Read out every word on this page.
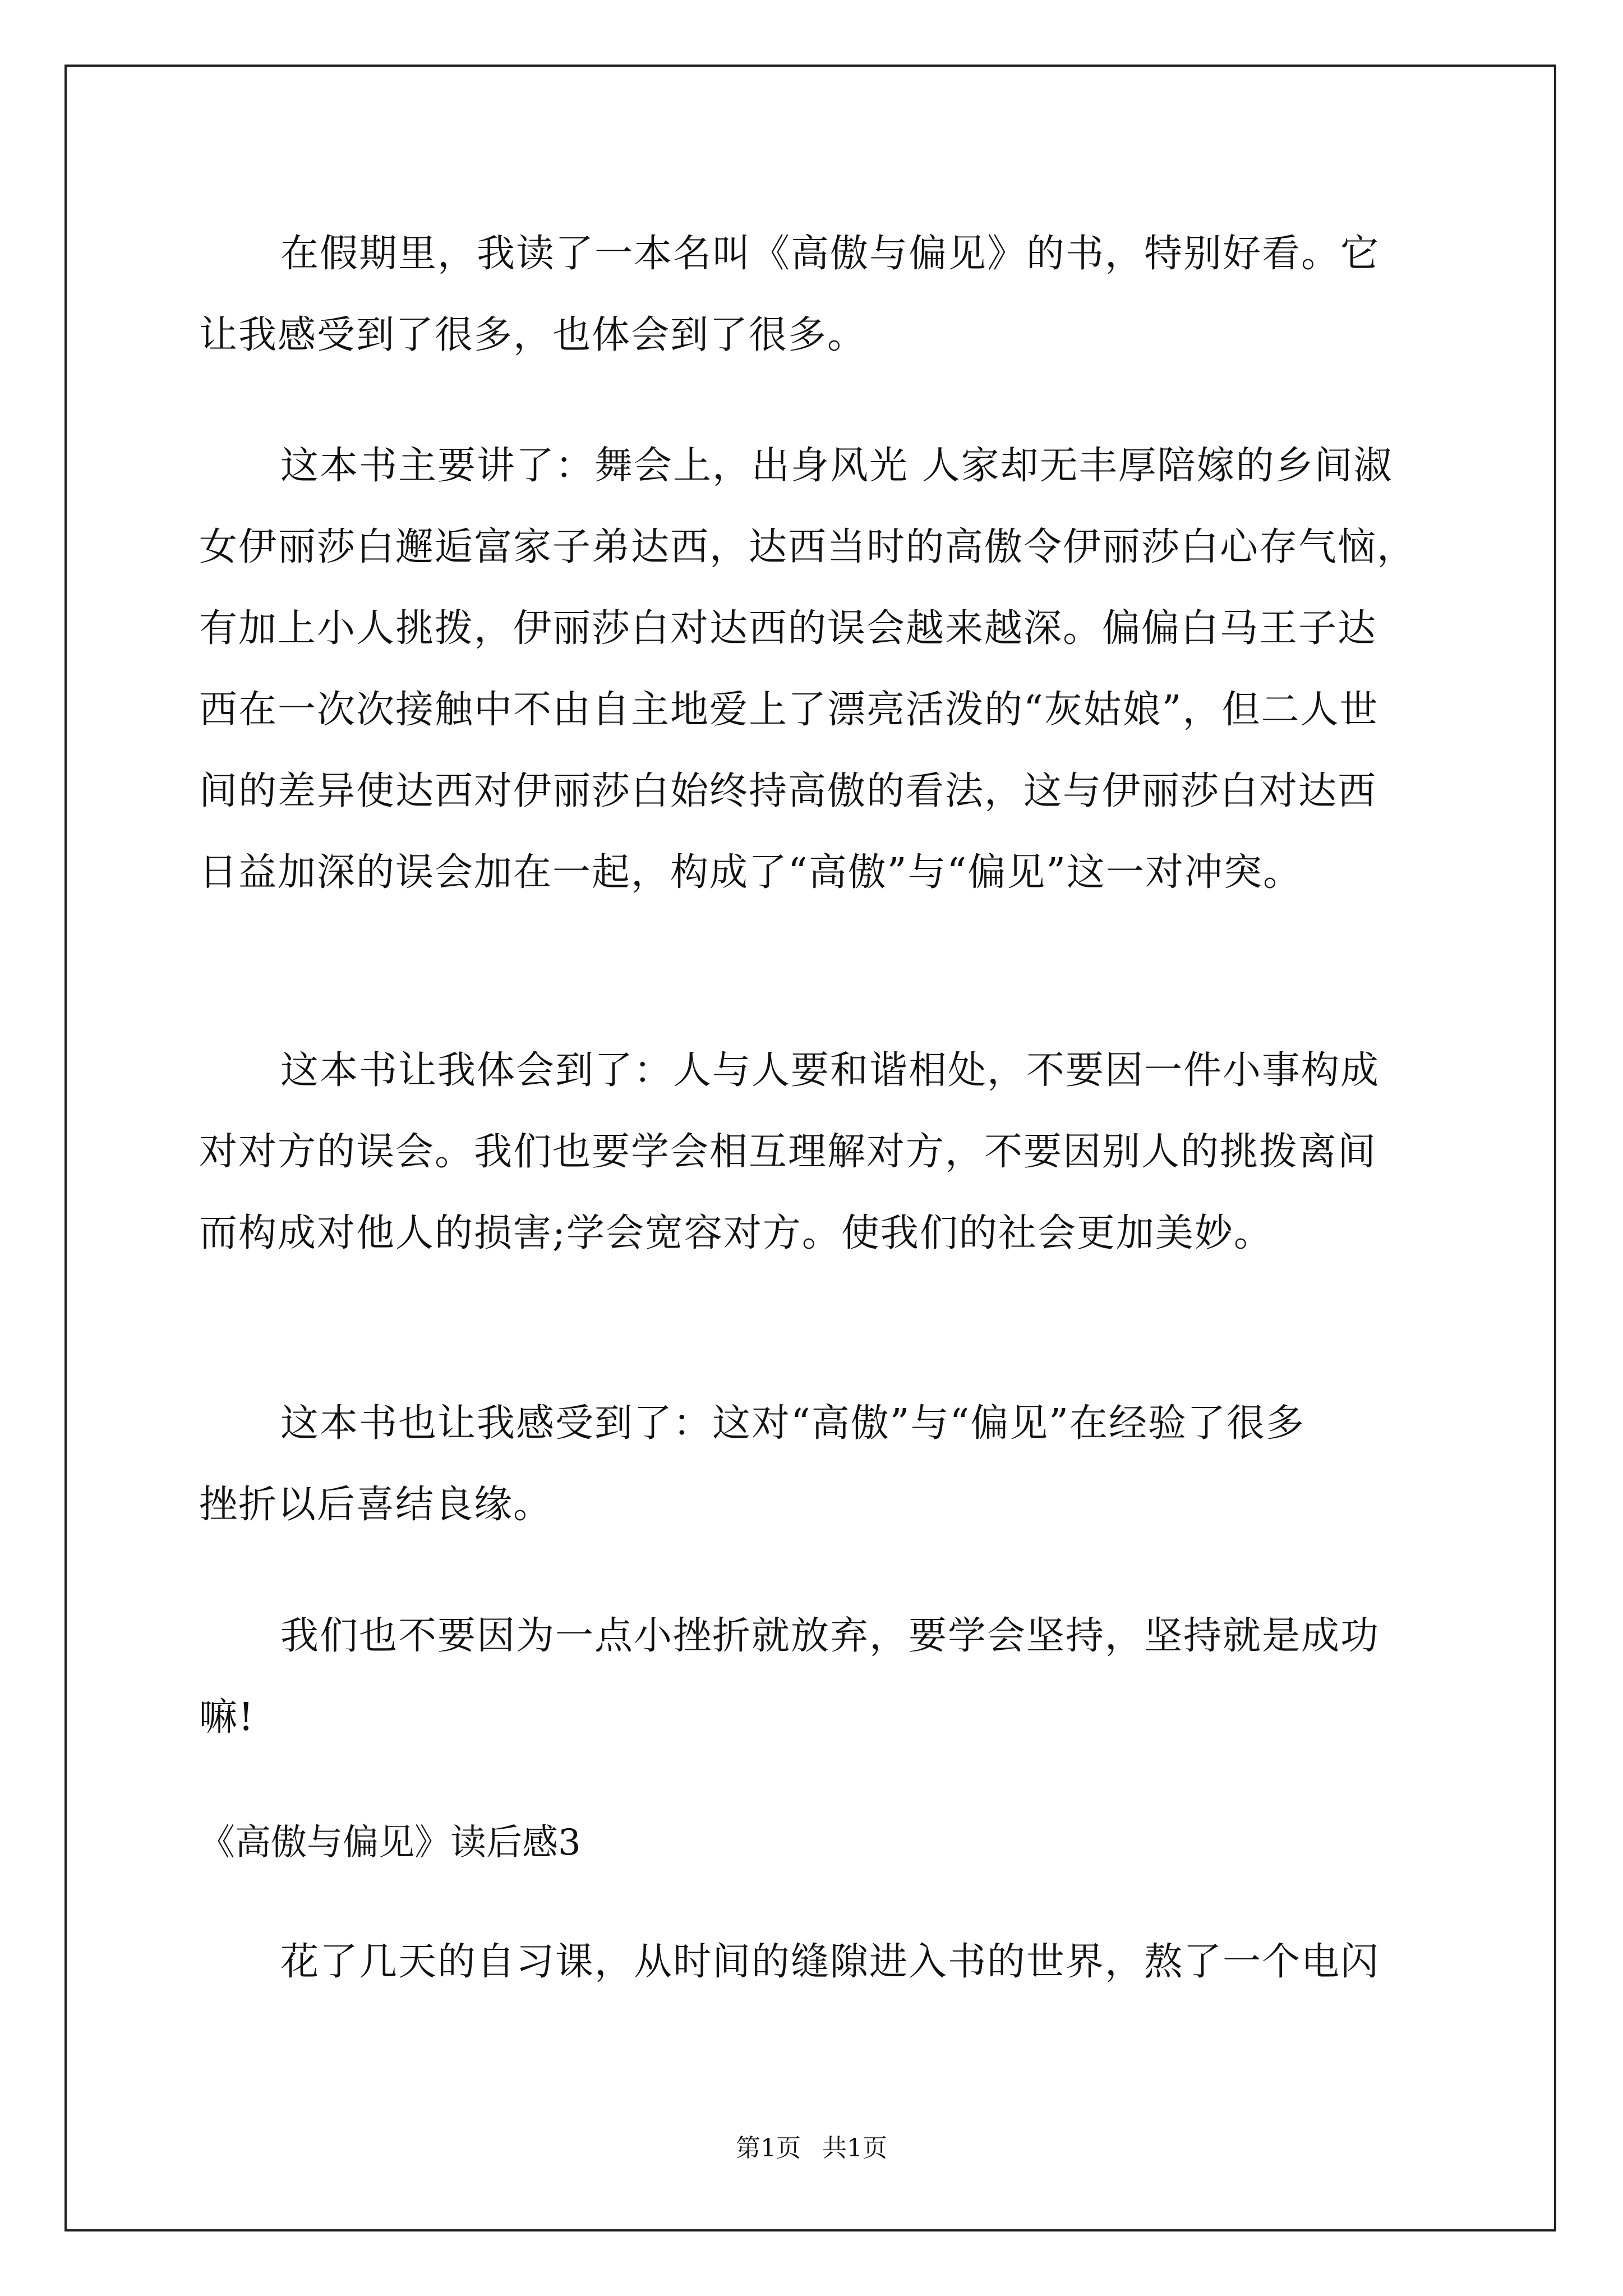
在假期里，我读了一本名叫《高傲与偏见》的书，特别好看。它

让我感受到了很多，也体会到了很多。

这本书主要讲了：舞会上，出身风光 人家却无丰厚陪嫁的乡间淑

女伊丽莎白邂逅富家子弟达西，达西当时的高傲令伊丽莎白心存气恼，

有加上小人挑拨，伊丽莎白对达西的误会越来越深。偏偏白马王子达

西在一次次接触中不由自主地爱上了漂亮活泼的“灰姑娘”，但二人世

间的差异使达西对伊丽莎白始终持高傲的看法，这与伊丽莎白对达西

日益加深的误会加在一起，构成了“高傲”与“偏见”这一对冲突。

这本书让我体会到了：人与人要和谐相处，不要因一件小事构成

对对方的误会。我们也要学会相互理解对方，不要因别人的挑拨离间

而构成对他人的损害;学会宽容对方。使我们的社会更加美妙。

这本书也让我感受到了：这对“高傲”与“偏见”在经验了很多

挫折以后喜结良缘。

我们也不要因为一点小挫折就放弃，要学会坚持，坚持就是成功

嘛!

《高傲与偏见》读后感3

花了几天的自习课，从时间的缝隙进入书的世界，熬了一个电闪

第1页 共1页
